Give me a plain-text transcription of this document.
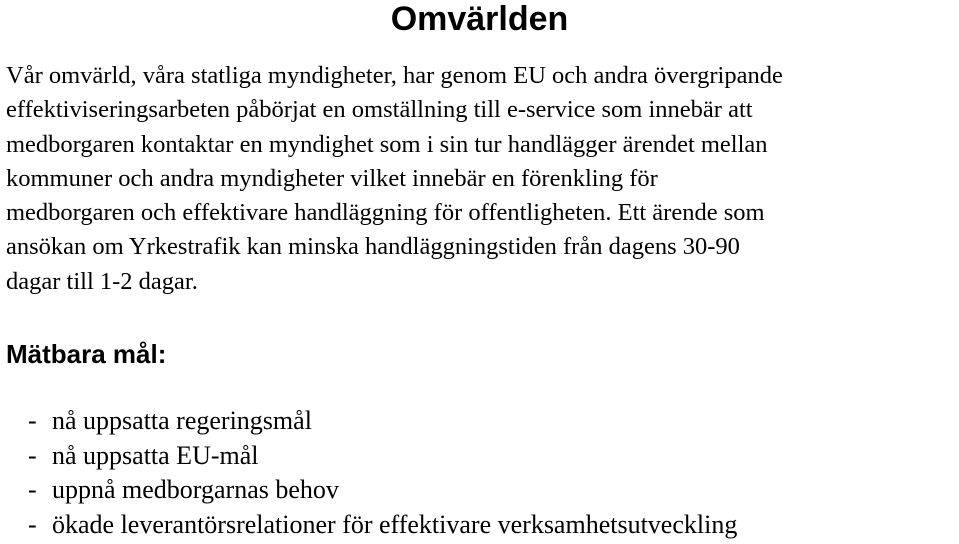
Omvärlden

Vår omvärld, våra statliga myndigheter, har genom EU och andra övergripande
effektiviseringsarbeten påbörjat en omställning till e-service som innebär att
medborgaren kontaktar en myndighet som i sin tur handlägger ärendet mellan
kommuner och andra myndigheter vilket innebär en förenkling för
medborgaren och effektivare handläggning för offentligheten. Ett ärende som
ansökan om Yrkestrafik kan minska handläggningstiden från dagens 30-90
dagar till 1-2 dagar.

Mätbara mål:
- nå uppsatta regeringsmål
- nå uppsatta EU-mål
- uppnå medborgarnas behov
- ökade leverantörsrelationer för effektivare verksamhetsutveckling
